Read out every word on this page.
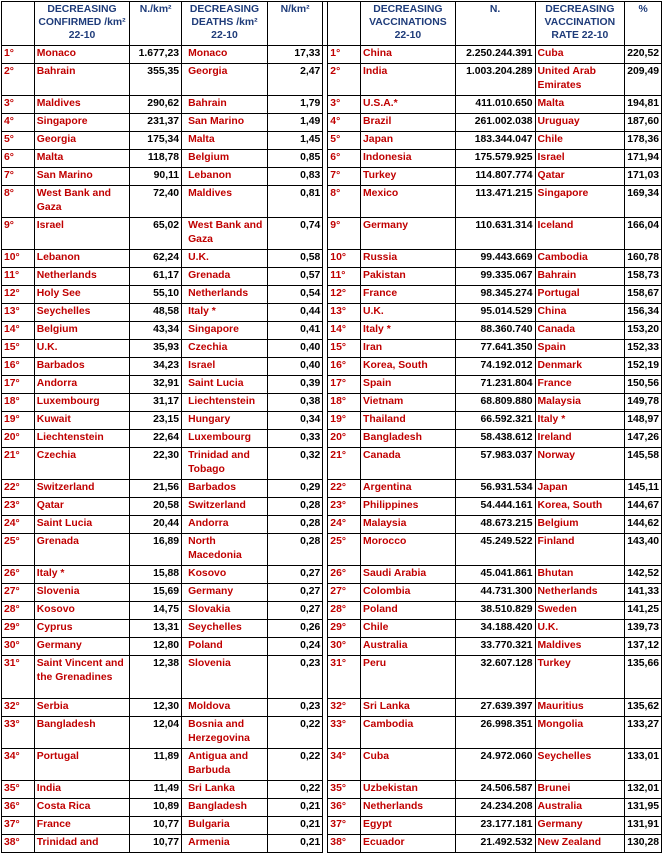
	DECREASING CONFIRMED /km² 22-10	N./km²	DECREASING DEATHS /km² 22-10	N/km²			DECREASING VACCINATIONS 22-10	N.	DECREASING VACCINATION RATE 22-10	%
1°	Monaco	1.677,23	Monaco	17,33		1°	China	2.250.244.391	Cuba	220,52
2°	Bahrain	355,35	Georgia	2,47		2°	India	1.003.204.289	United Arab Emirates	209,49
3°	Maldives	290,62	Bahrain	1,79		3°	U.S.A.*	411.010.650	Malta	194,81
4°	Singapore	231,37	San Marino	1,49		4°	Brazil	261.002.038	Uruguay	187,60
5°	Georgia	175,34	Malta	1,45		5°	Japan	183.344.047	Chile	178,36
6°	Malta	118,78	Belgium	0,85		6°	Indonesia	175.579.925	Israel	171,94
7°	San Marino	90,11	Lebanon	0,83		7°	Turkey	114.807.774	Qatar	171,03
8°	West Bank and Gaza	72,40	Maldives	0,81		8°	Mexico	113.471.215	Singapore	169,34
9°	Israel	65,02	West Bank and Gaza	0,74		9°	Germany	110.631.314	Iceland	166,04
10°	Lebanon	62,24	U.K.	0,58		10°	Russia	99.443.669	Cambodia	160,78
11°	Netherlands	61,17	Grenada	0,57		11°	Pakistan	99.335.067	Bahrain	158,73
12°	Holy See	55,10	Netherlands	0,54		12°	France	98.345.274	Portugal	158,67
13°	Seychelles	48,58	Italy *	0,44		13°	U.K.	95.014.529	China	156,34
14°	Belgium	43,34	Singapore	0,41		14°	Italy *	88.360.740	Canada	153,20
15°	U.K.	35,93	Czechia	0,40		15°	Iran	77.641.350	Spain	152,33
16°	Barbados	34,23	Israel	0,40		16°	Korea, South	74.192.012	Denmark	152,19
17°	Andorra	32,91	Saint Lucia	0,39		17°	Spain	71.231.804	France	150,56
18°	Luxembourg	31,17	Liechtenstein	0,38		18°	Vietnam	68.809.880	Malaysia	149,78
19°	Kuwait	23,15	Hungary	0,34		19°	Thailand	66.592.321	Italy *	148,97
20°	Liechtenstein	22,64	Luxembourg	0,33		20°	Bangladesh	58.438.612	Ireland	147,26
21°	Czechia	22,30	Trinidad and Tobago	0,32		21°	Canada	57.983.037	Norway	145,58
22°	Switzerland	21,56	Barbados	0,29		22°	Argentina	56.931.534	Japan	145,11
23°	Qatar	20,58	Switzerland	0,28		23°	Philippines	54.444.161	Korea, South	144,67
24°	Saint Lucia	20,44	Andorra	0,28		24°	Malaysia	48.673.215	Belgium	144,62
25°	Grenada	16,89	North Macedonia	0,28		25°	Morocco	45.249.522	Finland	143,40
26°	Italy *	15,88	Kosovo	0,27		26°	Saudi Arabia	45.041.861	Bhutan	142,52
27°	Slovenia	15,69	Germany	0,27		27°	Colombia	44.731.300	Netherlands	141,33
28°	Kosovo	14,75	Slovakia	0,27		28°	Poland	38.510.829	Sweden	141,25
29°	Cyprus	13,31	Seychelles	0,26		29°	Chile	34.188.420	U.K.	139,73
30°	Germany	12,80	Poland	0,24		30°	Australia	33.770.321	Maldives	137,12
31°	Saint Vincent and the Grenadines	12,38	Slovenia	0,23		31°	Peru	32.607.128	Turkey	135,66
32°	Serbia	12,30	Moldova	0,23		32°	Sri Lanka	27.639.397	Mauritius	135,62
33°	Bangladesh	12,04	Bosnia and Herzegovina	0,22		33°	Cambodia	26.998.351	Mongolia	133,27
34°	Portugal	11,89	Antigua and Barbuda	0,22		34°	Cuba	24.972.060	Seychelles	133,01
35°	India	11,49	Sri Lanka	0,22		35°	Uzbekistan	24.506.587	Brunei	132,01
36°	Costa Rica	10,89	Bangladesh	0,21		36°	Netherlands	24.234.208	Australia	131,95
37°	France	10,77	Bulgaria	0,21		37°	Egypt	23.177.181	Germany	131,91
38°	Trinidad and	10,77	Armenia	0,21		38°	Ecuador	21.492.532	New Zealand	130,28
